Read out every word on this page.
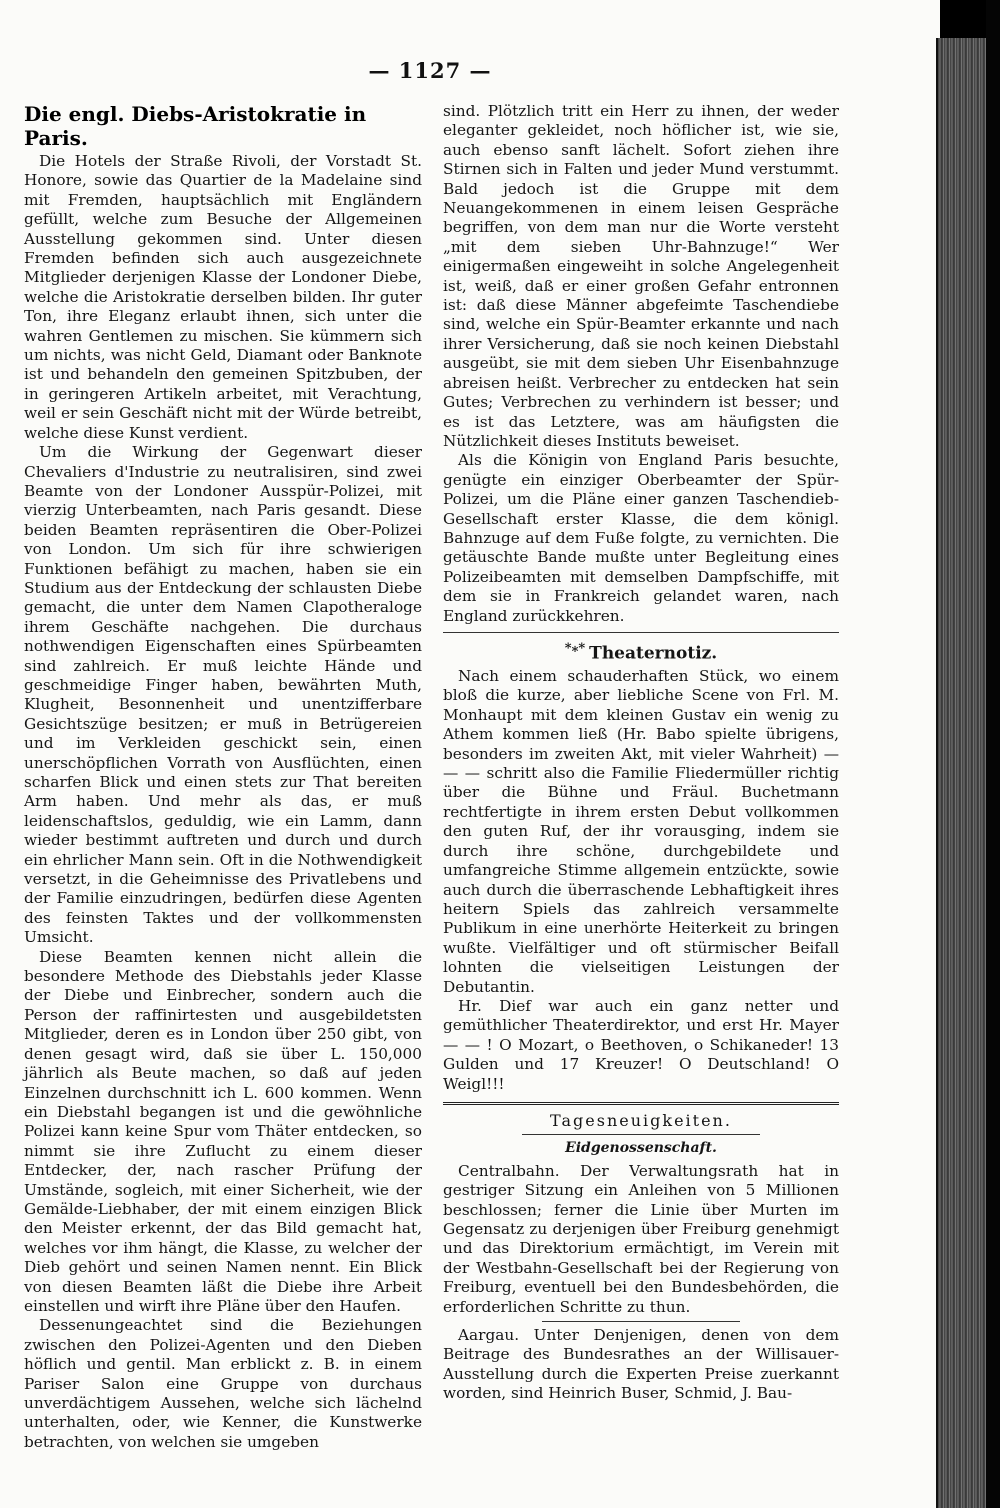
— 1127 —
Die engl. Diebs-Aristokratie in Paris.

Die Hotels der Straße Rivoli, der Vorstadt St. Honore, sowie das Quartier de la Madelaine sind mit Fremden, hauptsächlich mit Engländern gefüllt, welche zum Besuche der Allgemeinen Ausstellung gekommen sind. Unter diesen Fremden befinden sich auch ausgezeichnete Mitglieder derjenigen Klasse der Londoner Diebe, welche die Aristokratie derselben bilden. Ihr guter Ton, ihre Eleganz erlaubt ihnen, sich unter die wahren Gentlemen zu mischen. Sie kümmern sich um nichts, was nicht Geld, Diamant oder Banknote ist und behandeln den gemeinen Spitzbuben, der in geringeren Artikeln arbeitet, mit Verachtung, weil er sein Geschäft nicht mit der Würde betreibt, welche diese Kunst verdient.

Um die Wirkung der Gegenwart dieser Chevaliers d'Industrie zu neutralisiren, sind zwei Beamte von der Londoner Ausspür-Polizei, mit vierzig Unterbeamten, nach Paris gesandt. Diese beiden Beamten repräsentiren die Ober-Polizei von London. Um sich für ihre schwierigen Funktionen befähigt zu machen, haben sie ein Studium aus der Entdeckung der schlausten Diebe gemacht, die unter dem Namen Clapotheraloge ihrem Geschäfte nachgehen. Die durchaus nothwendigen Eigenschaften eines Spürbeamten sind zahlreich. Er muß leichte Hände und geschmeidige Finger haben, bewährten Muth, Klugheit, Besonnenheit und unentzifferbare Gesichtszüge besitzen; er muß in Betrügereien und im Verkleiden geschickt sein, einen unerschöpflichen Vorrath von Ausflüchten, einen scharfen Blick und einen stets zur That bereiten Arm haben. Und mehr als das, er muß leidenschaftslos, geduldig, wie ein Lamm, dann wieder bestimmt auftreten und durch und durch ein ehrlicher Mann sein. Oft in die Nothwendigkeit versetzt, in die Geheimnisse des Privatlebens und der Familie einzudringen, bedürfen diese Agenten des feinsten Taktes und der vollkommensten Umsicht.

Diese Beamten kennen nicht allein die besondere Methode des Diebstahls jeder Klasse der Diebe und Einbrecher, sondern auch die Person der raffinirtesten und ausgebildetsten Mitglieder, deren es in London über 250 gibt, von denen gesagt wird, daß sie über L. 150,000 jährlich als Beute machen, so daß auf jeden Einzelnen durchschnitt ich L. 600 kommen. Wenn ein Diebstahl begangen ist und die gewöhnliche Polizei kann keine Spur vom Thäter entdecken, so nimmt sie ihre Zuflucht zu einem dieser Entdecker, der, nach rascher Prüfung der Umstände, sogleich, mit einer Sicherheit, wie der Gemälde-Liebhaber, der mit einem einzigen Blick den Meister erkennt, der das Bild gemacht hat, welches vor ihm hängt, die Klasse, zu welcher der Dieb gehört und seinen Namen nennt. Ein Blick von diesen Beamten läßt die Diebe ihre Arbeit einstellen und wirft ihre Pläne über den Haufen.

Dessenungeachtet sind die Beziehungen zwischen den Polizei-Agenten und den Dieben höflich und gentil. Man erblickt z. B. in einem Pariser Salon eine Gruppe von durchaus unverdächtigem Aussehen, welche sich lächelnd unterhalten, oder, wie Kenner, die Kunstwerke betrachten, von welchen sie umgeben

sind. Plötzlich tritt ein Herr zu ihnen, der weder eleganter gekleidet, noch höflicher ist, wie sie, auch ebenso sanft lächelt. Sofort ziehen ihre Stirnen sich in Falten und jeder Mund verstummt. Bald jedoch ist die Gruppe mit dem Neuangekommenen in einem leisen Gespräche begriffen, von dem man nur die Worte versteht „mit dem sieben Uhr-Bahnzuge!“ Wer einigermaßen eingeweiht in solche Angelegenheit ist, weiß, daß er einer großen Gefahr entronnen ist: daß diese Männer abgefeimte Taschendiebe sind, welche ein Spür-Beamter erkannte und nach ihrer Versicherung, daß sie noch keinen Diebstahl ausgeübt, sie mit dem sieben Uhr Eisenbahnzuge abreisen heißt. Verbrecher zu entdecken hat sein Gutes; Verbrechen zu verhindern ist besser; und es ist das Letztere, was am häufigsten die Nützlichkeit dieses Instituts beweiset.

Als die Königin von England Paris besuchte, genügte ein einziger Oberbeamter der Spür-Polizei, um die Pläne einer ganzen Taschendieb-Gesellschaft erster Klasse, die dem königl. Bahnzuge auf dem Fuße folgte, zu vernichten. Die getäuschte Bande mußte unter Begleitung eines Polizeibeamten mit demselben Dampfschiffe, mit dem sie in Frankreich gelandet waren, nach England zurückkehren.

*⁎* Theaternotiz.

Nach einem schauderhaften Stück, wo einem bloß die kurze, aber liebliche Scene von Frl. M. Monhaupt mit dem kleinen Gustav ein wenig zu Athem kommen ließ (Hr. Babo spielte übrigens, besonders im zweiten Akt, mit vieler Wahrheit) — — — schritt also die Familie Fliedermüller richtig über die Bühne und Fräul. Buchetmann rechtfertigte in ihrem ersten Debut vollkommen den guten Ruf, der ihr vorausging, indem sie durch ihre schöne, durchgebildete und umfangreiche Stimme allgemein entzückte, sowie auch durch die überraschende Lebhaftigkeit ihres heitern Spiels das zahlreich versammelte Publikum in eine unerhörte Heiterkeit zu bringen wußte. Vielfältiger und oft stürmischer Beifall lohnten die vielseitigen Leistungen der Debutantin.

Hr. Dief war auch ein ganz netter und gemüthlicher Theaterdirektor, und erst Hr. Mayer — — ! O Mozart, o Beethoven, o Schikaneder! 13 Gulden und 17 Kreuzer! O Deutschland! O Weigl!!!

Tagesneuigkeiten.
Eidgenossenschaft.

Centralbahn. Der Verwaltungsrath hat in gestriger Sitzung ein Anleihen von 5 Millionen beschlossen; ferner die Linie über Murten im Gegensatz zu derjenigen über Freiburg genehmigt und das Direktorium ermächtigt, im Verein mit der Westbahn-Gesellschaft bei der Regierung von Freiburg, eventuell bei den Bundesbehörden, die erforderlichen Schritte zu thun.

Aargau. Unter Denjenigen, denen von dem Beitrage des Bundesrathes an der Willisauer-Ausstellung durch die Experten Preise zuerkannt worden, sind Heinrich Buser, Schmid, J. Bau-
